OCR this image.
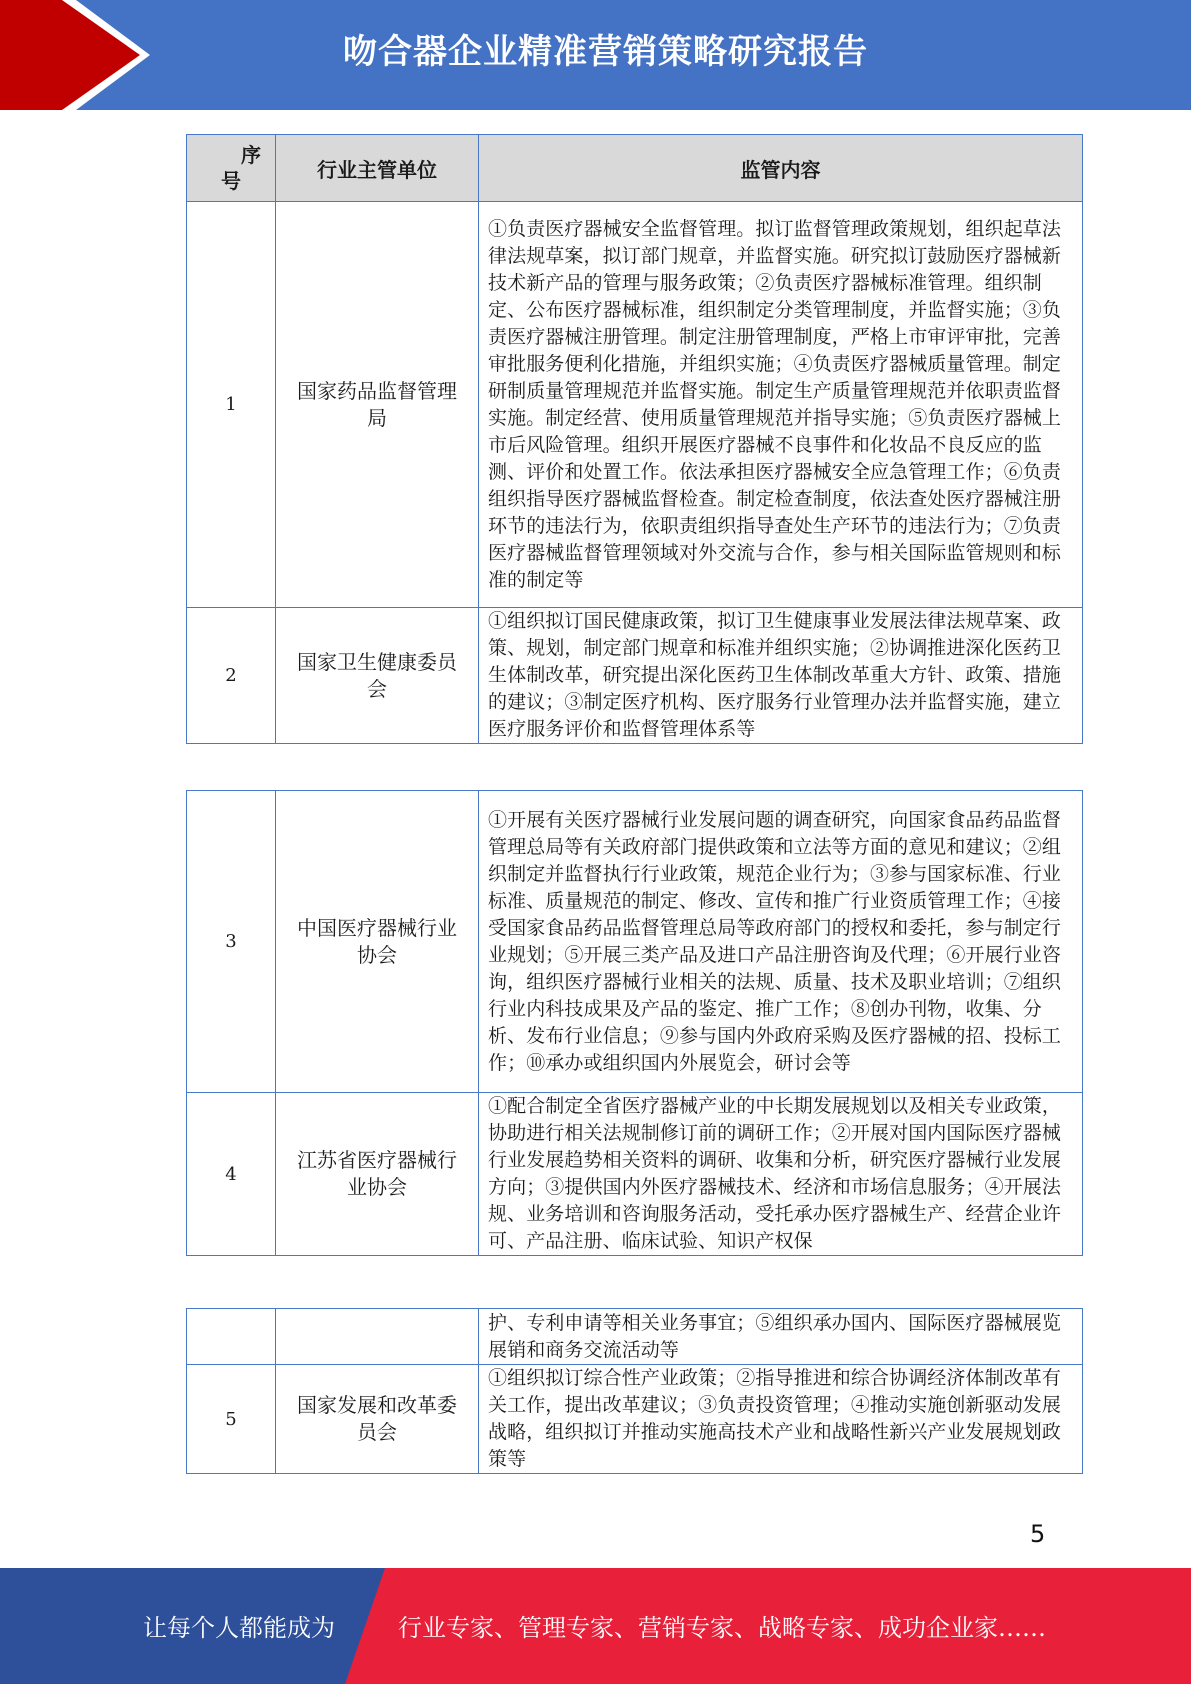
吻合器企业精准营销策略研究报告
序
号	行业主管单位	监管内容
1	国家药品监督管理局	①负责医疗器械安全监督管理。拟订监督管理政策规划，组织起草法律法规草案，拟订部门规章，并监督实施。研究拟订鼓励医疗器械新技术新产品的管理与服务政策；②负责医疗器械标准管理。组织制定、公布医疗器械标准，组织制定分类管理制度，并监督实施；③负责医疗器械注册管理。制定注册管理制度，严格上市审评审批，完善审批服务便利化措施，并组织实施；④负责医疗器械质量管理。制定研制质量管理规范并监督实施。制定生产质量管理规范并依职责监督实施。制定经营、使用质量管理规范并指导实施；⑤负责医疗器械上市后风险管理。组织开展医疗器械不良事件和化妆品不良反应的监测、评价和处置工作。依法承担医疗器械安全应急管理工作；⑥负责组织指导医疗器械监督检查。制定检查制度，依法查处医疗器械注册环节的违法行为，依职责组织指导查处生产环节的违法行为；⑦负责医疗器械监督管理领域对外交流与合作，参与相关国际监管规则和标准的制定等
2	国家卫生健康委员会	①组织拟订国民健康政策，拟订卫生健康事业发展法律法规草案、政策、规划，制定部门规章和标准并组织实施；②协调推进深化医药卫生体制改革，研究提出深化医药卫生体制改革重大方针、政策、措施的建议；③制定医疗机构、医疗服务行业管理办法并监督实施，建立医疗服务评价和监督管理体系等
3	中国医疗器械行业协会	①开展有关医疗器械行业发展问题的调查研究，向国家食品药品监督管理总局等有关政府部门提供政策和立法等方面的意见和建议；②组织制定并监督执行行业政策，规范企业行为；③参与国家标准、行业标准、质量规范的制定、修改、宣传和推广行业资质管理工作；④接受国家食品药品监督管理总局等政府部门的授权和委托，参与制定行业规划；⑤开展三类产品及进口产品注册咨询及代理；⑥开展行业咨询，组织医疗器械行业相关的法规、质量、技术及职业培训；⑦组织行业内科技成果及产品的鉴定、推广工作；⑧创办刊物，收集、分析、发布行业信息；⑨参与国内外政府采购及医疗器械的招、投标工作；⑩承办或组织国内外展览会，研讨会等
4	江苏省医疗器械行业协会	①配合制定全省医疗器械产业的中长期发展规划以及相关专业政策，协助进行相关法规制修订前的调研工作；②开展对国内国际医疗器械行业发展趋势相关资料的调研、收集和分析，研究医疗器械行业发展方向；③提供国内外医疗器械技术、经济和市场信息服务；④开展法规、业务培训和咨询服务活动，受托承办医疗器械生产、经营企业许可、产品注册、临床试验、知识产权保
		护、专利申请等相关业务事宜；⑤组织承办国内、国际医疗器械展览展销和商务交流活动等
5	国家发展和改革委员会	①组织拟订综合性产业政策；②指导推进和综合协调经济体制改革有关工作，提出改革建议；③负责投资管理；④推动实施创新驱动发展战略，组织拟订并推动实施高技术产业和战略性新兴产业发展规划政策等
5
让每个人都能成为	行业专家、管理专家、营销专家、战略专家、成功企业家……
